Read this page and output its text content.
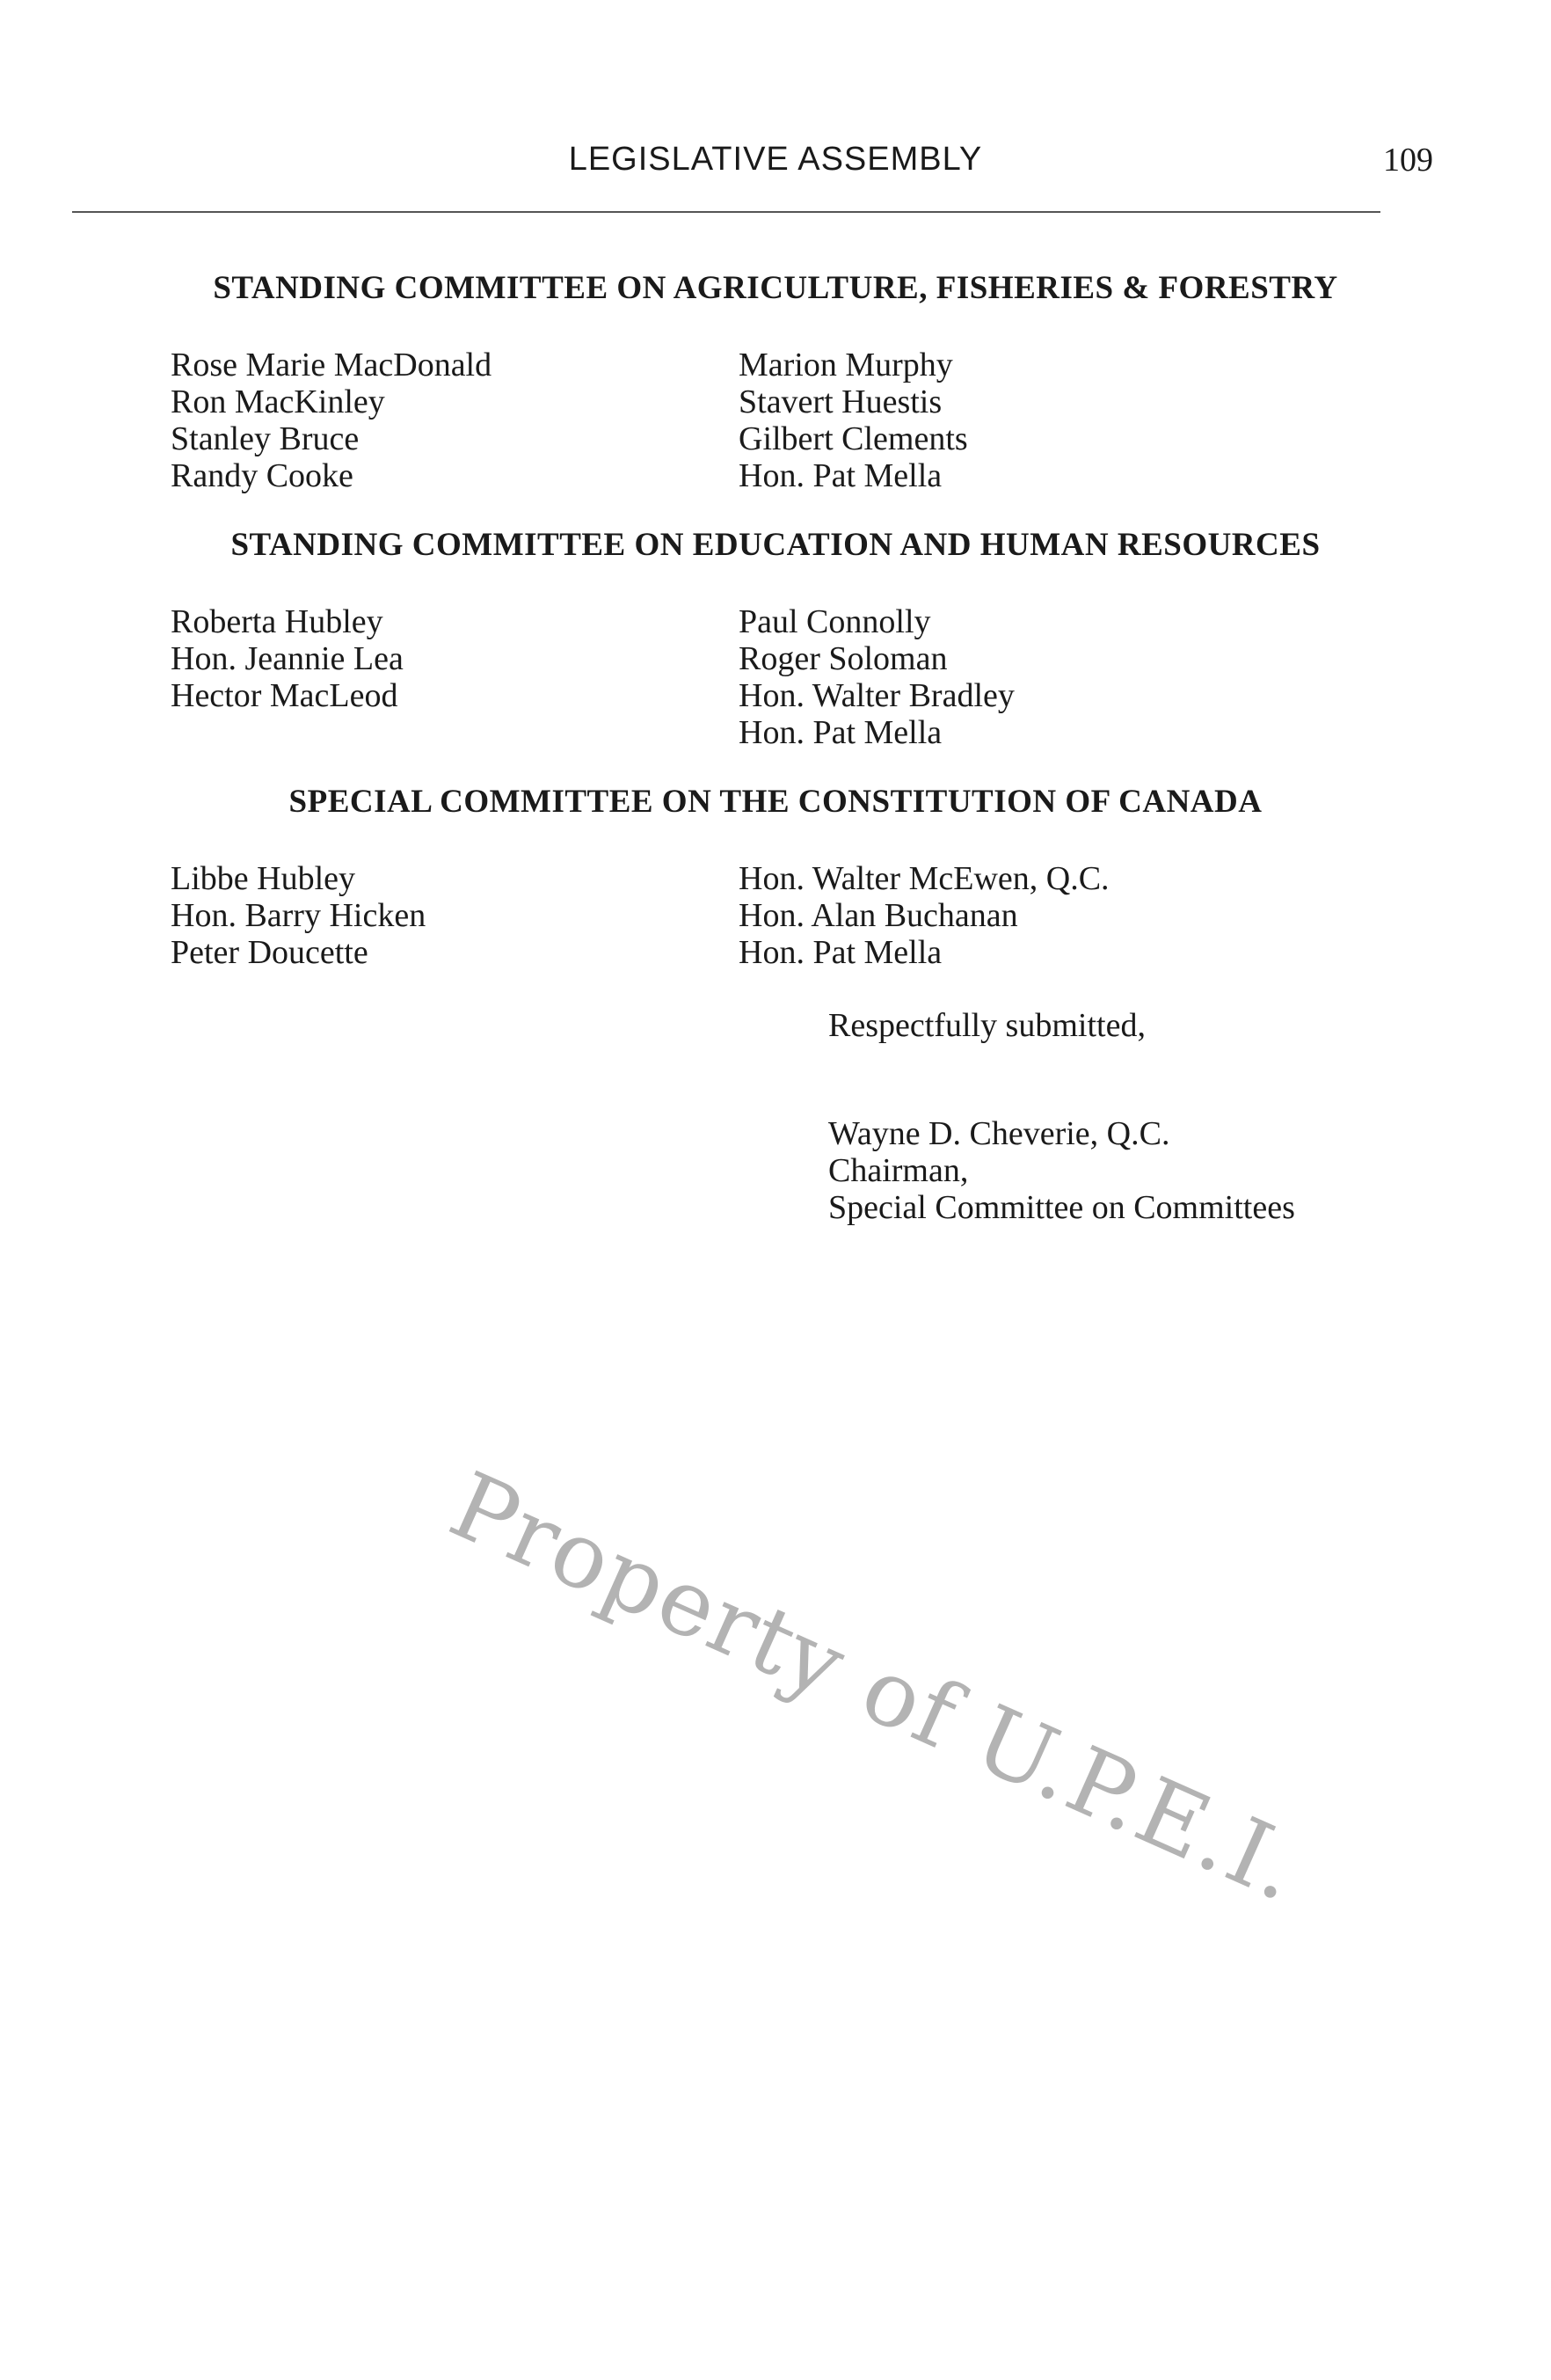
LEGISLATIVE ASSEMBLY	109
STANDING COMMITTEE ON AGRICULTURE, FISHERIES & FORESTRY
Rose Marie MacDonald
Ron MacKinley
Stanley Bruce
Randy Cooke
Marion Murphy
Stavert Huestis
Gilbert Clements
Hon. Pat Mella
STANDING COMMITTEE ON EDUCATION AND HUMAN RESOURCES
Roberta Hubley
Hon. Jeannie Lea
Hector MacLeod
Paul Connolly
Roger Soloman
Hon. Walter Bradley
Hon. Pat Mella
SPECIAL COMMITTEE ON THE CONSTITUTION OF CANADA
Libbe Hubley
Hon. Barry Hicken
Peter Doucette
Hon. Walter McEwen, Q.C.
Hon. Alan Buchanan
Hon. Pat Mella
Respectfully submitted,
Wayne D. Cheverie, Q.C.
Chairman,
Special Committee on Committees
Property of U.P.E.I.
